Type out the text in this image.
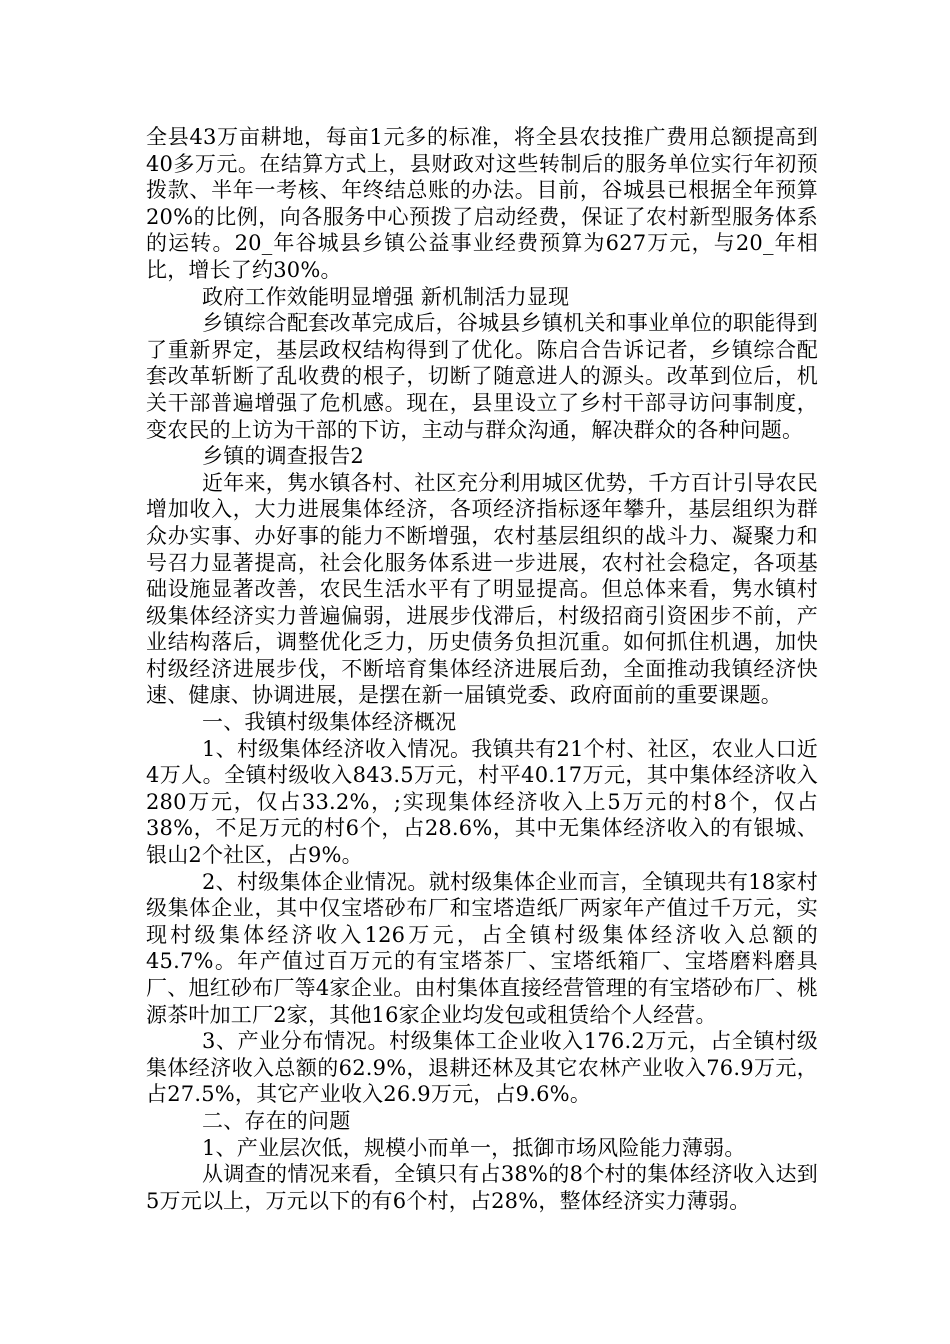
全县43万亩耕地，每亩1元多的标准，将全县农技推广费用总额提高到40多万元。在结算方式上，县财政对这些转制后的服务单位实行年初预拨款、半年一考核、年终结总账的办法。目前，谷城县已根据全年预算20%的比例，向各服务中心预拨了启动经费，保证了农村新型服务体系的运转。20_年谷城县乡镇公益事业经费预算为627万元，与20_年相比，增长了约30%。

政府工作效能明显增强 新机制活力显现

乡镇综合配套改革完成后，谷城县乡镇机关和事业单位的职能得到了重新界定，基层政权结构得到了优化。陈启合告诉记者，乡镇综合配套改革斩断了乱收费的根子，切断了随意进人的源头。改革到位后，机关干部普遍增强了危机感。现在，县里设立了乡村干部寻访问事制度，变农民的上访为干部的下访，主动与群众沟通，解决群众的各种问题。

乡镇的调查报告2

近年来，隽水镇各村、社区充分利用城区优势，千方百计引导农民增加收入，大力进展集体经济，各项经济指标逐年攀升，基层组织为群众办实事、办好事的能力不断增强，农村基层组织的战斗力、凝聚力和号召力显著提高，社会化服务体系进一步进展，农村社会稳定，各项基础设施显著改善，农民生活水平有了明显提高。但总体来看，隽水镇村级集体经济实力普遍偏弱，进展步伐滞后，村级招商引资困步不前，产业结构落后，调整优化乏力，历史债务负担沉重。如何抓住机遇，加快村级经济进展步伐，不断培育集体经济进展后劲，全面推动我镇经济快速、健康、协调进展，是摆在新一届镇党委、政府面前的重要课题。

一、我镇村级集体经济概况

1、村级集体经济收入情况。我镇共有21个村、社区，农业人口近4万人。全镇村级收入843.5万元，村平40.17万元，其中集体经济收入280万元，仅占33.2%，;实现集体经济收入上5万元的村8个，仅占38%，不足万元的村6个，占28.6%，其中无集体经济收入的有银城、银山2个社区，占9%。

2、村级集体企业情况。就村级集体企业而言，全镇现共有18家村级集体企业，其中仅宝塔砂布厂和宝塔造纸厂两家年产值过千万元，实现村级集体经济收入126万元，占全镇村级集体经济收入总额的45.7%。年产值过百万元的有宝塔茶厂、宝塔纸箱厂、宝塔磨料磨具厂、旭红砂布厂等4家企业。由村集体直接经营管理的有宝塔砂布厂、桃源茶叶加工厂2家，其他16家企业均发包或租赁给个人经营。

3、产业分布情况。村级集体工企业收入176.2万元，占全镇村级集体经济收入总额的62.9%，退耕还林及其它农林产业收入76.9万元，占27.5%，其它产业收入26.9万元，占9.6%。

二、存在的问题

1、产业层次低，规模小而单一，抵御市场风险能力薄弱。

从调查的情况来看，全镇只有占38%的8个村的集体经济收入达到5万元以上，万元以下的有6个村，占28%，整体经济实力薄弱。
